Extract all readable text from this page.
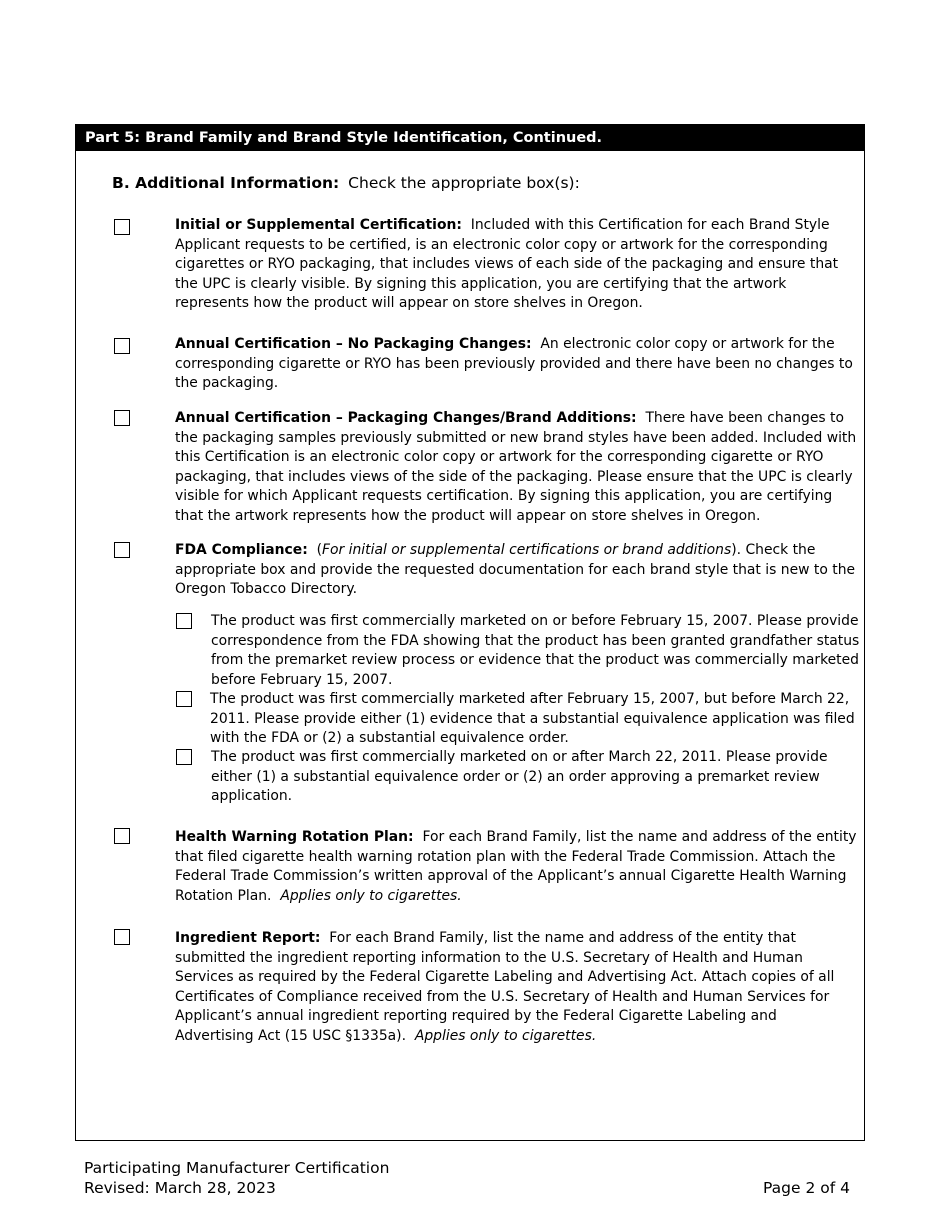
Part 5: Brand Family and Brand Style Identification, Continued.
B. Additional Information: Check the appropriate box(s):
Initial or Supplemental Certification: Included with this Certification for each Brand Style Applicant requests to be certified, is an electronic color copy or artwork for the corresponding cigarettes or RYO packaging, that includes views of each side of the packaging and ensure that the UPC is clearly visible. By signing this application, you are certifying that the artwork represents how the product will appear on store shelves in Oregon.
Annual Certification – No Packaging Changes: An electronic color copy or artwork for the corresponding cigarette or RYO has been previously provided and there have been no changes to the packaging.
Annual Certification – Packaging Changes/Brand Additions: There have been changes to the packaging samples previously submitted or new brand styles have been added. Included with this Certification is an electronic color copy or artwork for the corresponding cigarette or RYO packaging, that includes views of the side of the packaging. Please ensure that the UPC is clearly visible for which Applicant requests certification. By signing this application, you are certifying that the artwork represents how the product will appear on store shelves in Oregon.
FDA Compliance: (For initial or supplemental certifications or brand additions). Check the appropriate box and provide the requested documentation for each brand style that is new to the Oregon Tobacco Directory.
The product was first commercially marketed on or before February 15, 2007. Please provide correspondence from the FDA showing that the product has been granted grandfather status from the premarket review process or evidence that the product was commercially marketed before February 15, 2007.
The product was first commercially marketed after February 15, 2007, but before March 22, 2011. Please provide either (1) evidence that a substantial equivalence application was filed with the FDA or (2) a substantial equivalence order.
The product was first commercially marketed on or after March 22, 2011. Please provide either (1) a substantial equivalence order or (2) an order approving a premarket review application.
Health Warning Rotation Plan: For each Brand Family, list the name and address of the entity that filed cigarette health warning rotation plan with the Federal Trade Commission. Attach the Federal Trade Commission’s written approval of the Applicant’s annual Cigarette Health Warning Rotation Plan. Applies only to cigarettes.
Ingredient Report: For each Brand Family, list the name and address of the entity that submitted the ingredient reporting information to the U.S. Secretary of Health and Human Services as required by the Federal Cigarette Labeling and Advertising Act. Attach copies of all Certificates of Compliance received from the U.S. Secretary of Health and Human Services for Applicant’s annual ingredient reporting required by the Federal Cigarette Labeling and Advertising Act (15 USC §1335a). Applies only to cigarettes.
Participating Manufacturer Certification
Revised: March 28, 2023	Page 2 of 4
